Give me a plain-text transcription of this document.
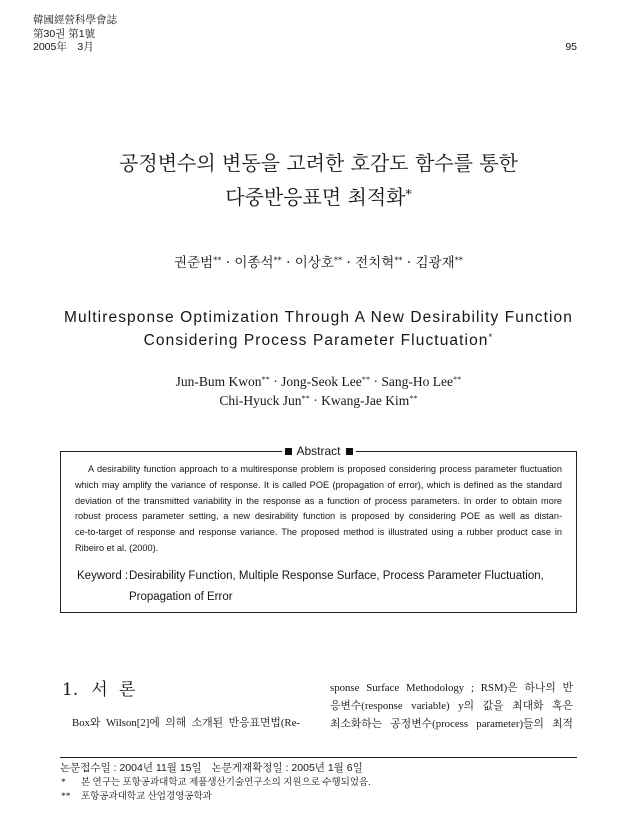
韓國經營科學會誌
第30권 第1號
2005年　3月	95
공정변수의 변동을 고려한 호감도 함수를 통한
다중반응표면 최적화*
권준범** · 이종석** · 이상호** · 전치혁** · 김광재**
Multiresponse Optimization Through A New Desirability Function
Considering Process Parameter Fluctuation*
Jun-Bum Kwon** · Jong-Seok Lee** · Sang-Ho Lee**
Chi-Hyuck Jun** · Kwang-Jae Kim**
Abstract
A desirability function approach to a multiresponse problem is proposed considering process parameter fluctuation
which may amplify the variance of response. It is called POE (propagation of error), which is defined as the standard
deviation of the transmitted variability in the response as a function of process parameters. In order to obtain more
robust process parameter setting, a new desirability function is proposed by considering POE as well as distan-
ce-to-target of response and response variance. The proposed method is illustrated using a rubber product case in
Ribeiro et al. (2000).
Keyword : Desirability Function, Multiple Response Surface, Process Parameter Fluctuation,
Propagation of Error
1. 서 론
Box와 Wilson[2]에 의해 소개된 반응표면법(Re-
sponse Surface Methodology ; RSM)은 하나의 반
응변수(response variable) y의 값을 최대화 혹은
최소화하는 공정변수(process parameter)들의 최적
논문접수일 : 2004년 11월 15일 논문게재확정일 : 2005년 1월 6일
*	본 연구는 포항공과대학교 제품생산기술연구소의 지원으로 수행되었음.
**	포항공과대학교 산업경영공학과
